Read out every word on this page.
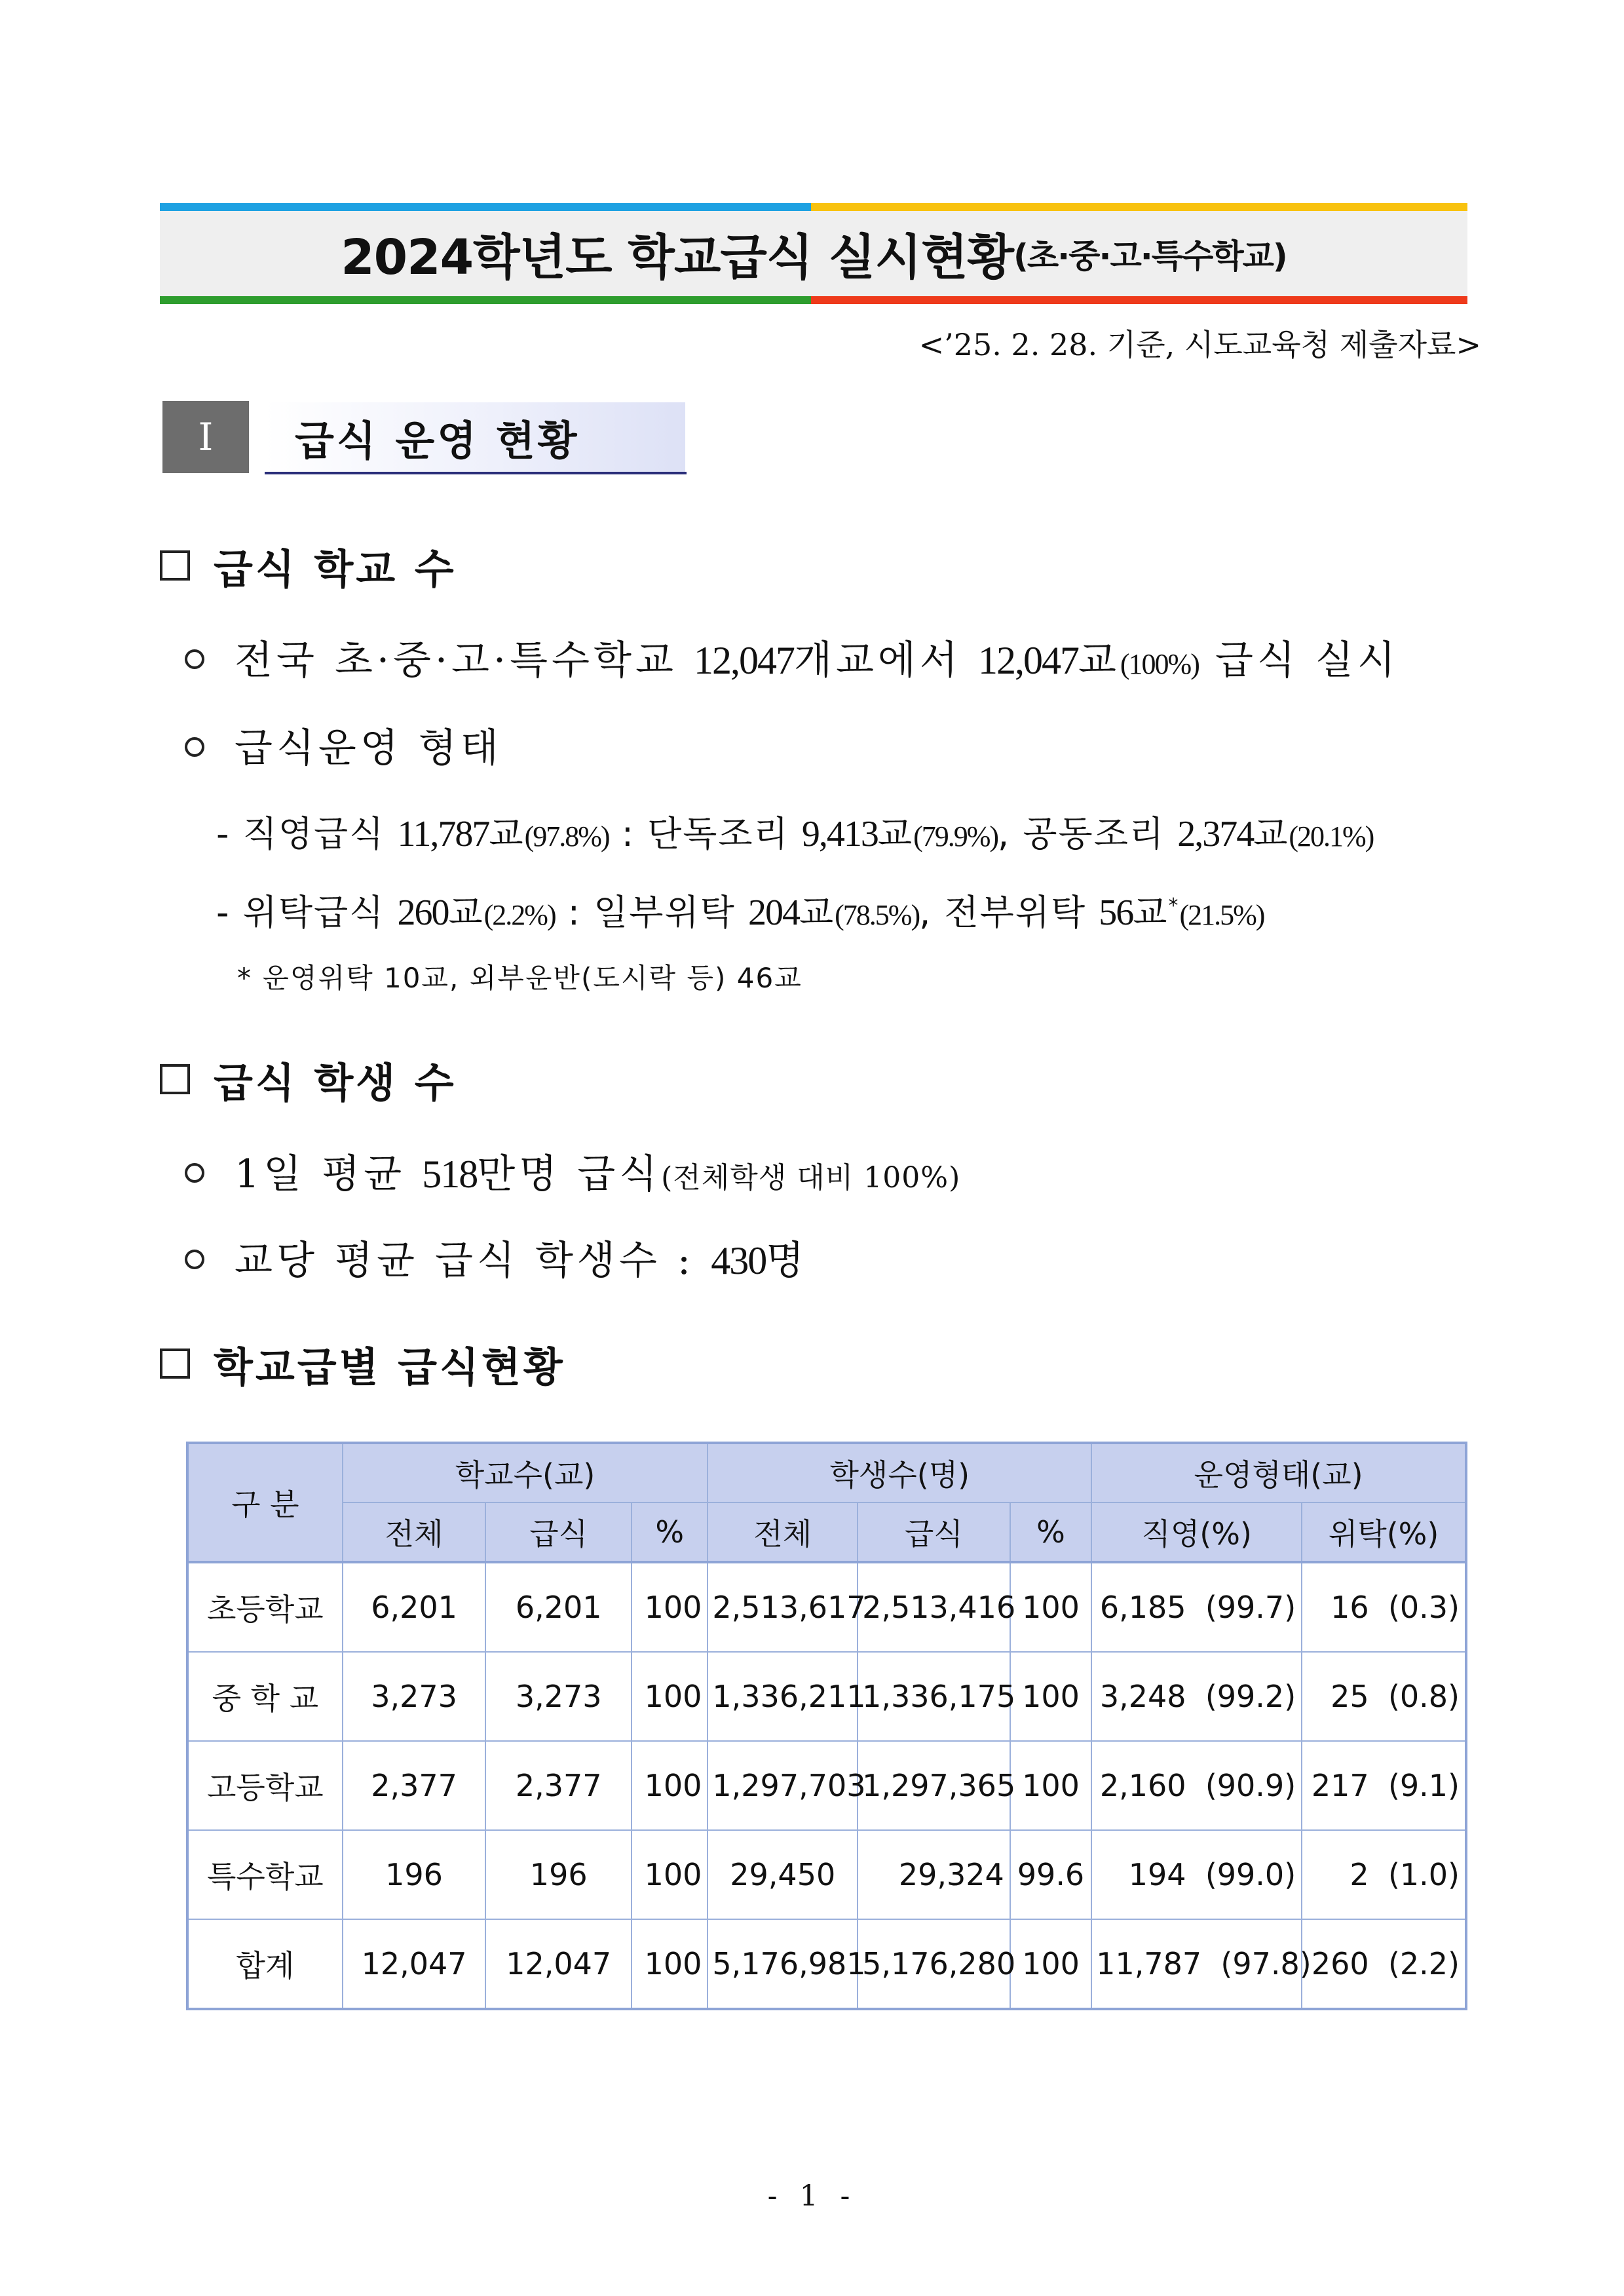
2024학년도 학교급식 실시현황 (초·중·고·특수학교)
<’25. 2. 28. 기준, 시도교육청 제출자료>
Ⅰ 급식 운영 현황
급식 학교 수
전국 초·중·고·특수학교 12,047개교에서 12,047교(100%) 급식 실시
급식운영 형태
- 직영급식 11,787교(97.8%) : 단독조리 9,413교(79.9%), 공동조리 2,374교(20.1%)
- 위탁급식 260교(2.2%) : 일부위탁 204교(78.5%), 전부위탁 56교*(21.5%)
* 운영위탁 10교, 외부운반(도시락 등) 46교
급식 학생 수
1일 평균 518만명 급식(전체학생 대비 100%)
교당 평균 급식 학생수 : 430명
학교급별 급식현황
구 분	학교수(교)			학생수(명)			운영형태(교)	
	전체	급식	%	전체	급식	%	직영(%)	위탁(%)
초등학교	6,201	6,201	100	2,513,617	2,513,416	100	6,185 (99.7)	16 (0.3)
중 학 교	3,273	3,273	100	1,336,211	1,336,175	100	3,248 (99.2)	25 (0.8)
고등학교	2,377	2,377	100	1,297,703	1,297,365	100	2,160 (90.9)	217 (9.1)
특수학교	196	196	100	29,450	29,324	99.6	194 (99.0)	2 (1.0)
합계	12,047	12,047	100	5,176,981	5,176,280	100	11,787 (97.8)	260 (2.2)
- 1 -
